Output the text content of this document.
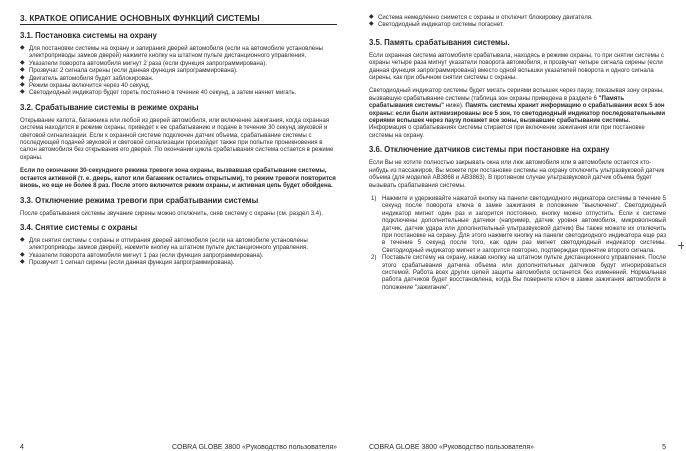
3. КРАТКОЕ ОПИСАНИЕ ОСНОВНЫХ ФУНКЦИЙ СИСТЕМЫ
3.1. Постановка системы на охрану
◆ Для постановки системы на охрану и запирания дверей автомобиля (если на автомобиле установлены электроприводы замков дверей) нажмите кнопку на штатном пульте дистанционного управления.
◆ Указатели поворота автомобиля мигнут 2 раза (если функция запрограммирована).
◆ Прозвучат 2 сигнала сирены (если данная функция запрограммирована).
◆ Двигатель автомобиля будет заблокирован.
◆ Режим охраны включится через 40 секунд.
◆ Светодиодный индикатор будет гореть постоянно в течение 40 секунд, а затем начнет мигать.
3.2. Срабатывание системы в режиме охраны

Открывание капота, багажника или любой из дверей автомобиля, или включение зажигания, когда охранная система находится в режиме охраны, приведет к ее срабатыванию и подаче в течение 30 секунд звуковой и световой сигнализации. Если к охранной системе подключен датчик объема, срабатывание системы с последующей подачей звуковой и световой сигнализации произойдет также при попытке проникновения в салон автомобиля без открывания его дверей. По окончании цикла срабатывания система остается в режиме охраны.

Если по окончании 30-секундного режима тревоги зона охраны, вызвавшая срабатывание системы, остается активной (т. е. дверь, капот или багажник остались открытыми), то режим тревоги повторится вновь, но еще не более 8 раз. После этого включится режим охраны, и активная цепь будет обойдена.

3.3. Отключение режима тревоги при срабатывании системы

После срабатывания системы звучание сирены можно отключить, сняв систему с охраны (см. раздел 3.4).

3.4. Снятие системы с охраны
◆ Для снятия системы с охраны и отпирания дверей автомобиля (если на автомобиле установлены электроприводы замков дверей), нажмите кнопку на штатном пульте дистанционного управления.
◆ Указатели поворота автомобиля мигнут 1 раз (если функция запрограммирована).
◆ Прозвучит 1 сигнал сирены (если данная функция запрограммирована).
4	COBRA GLOBE 3800 «Руководство пользователя»
◆ Система немедленно снимется с охраны и отключит блокировку двигателя.
◆ Светодиодный индикатор системы погаснет.
3.5. Память срабатывания системы.

Если охранная система автомобиля срабатывала, находясь в режиме охраны, то при снятии системы с охраны четыре раза мигнут указатели поворота автомобиля, и прозвучат четыре сигнала сирены (если данная функция запрограммирована) вместо одной вспышки указателей поворота и одного сигнала сирены, как при обычном снятии системы с охраны.

Светодиодный индикатор системы будет мигать сериями вспышек через паузу, показывая зону охраны, вызвавшую срабатывание системы (таблица зон охраны приведена в разделе 6 "Память срабатывания системы" ниже). Память системы хранит информацию о срабатывании всех 5 зон охраны: если были активизированы все 5 зон, то светодиодный индикатор последовательными сериями вспышек через паузу покажет все зоны, вызвавшие срабатывание системы. Информация о срабатываниях системы стирается при включении зажигания или при постановке системы на охрану.

3.6. Отключение датчиков системы при постановке на охрану

Если Вы не хотите полностью закрывать окна или люк автомобиля или в автомобиле остается кто-нибудь из пассажиров, Вы можете при постановке системы на охрану отключить ультразвуковой датчик объема (для моделей AB3868 и AB3863). В противном случае ультразвуковой датчик объема будет вызывать срабатывания системы.

1) Нажмите и удерживайте нажатой кнопку на панели светодиодного индикатора системы в течение 5 секунд после поворота ключа в замке зажигания в положение "выключено". Светодиодный индикатор мигнет один раз и загорится постоянно, кнопку можно отпустить. Если к системе подключены дополнительные датчики (например, датчик уровня автомобиля, микроволновый датчик, датчик удара или дополнительный ультразвуковой датчик) Вы также можете их отключить при постановке на охрану. Для этого нажмите кнопку на панели светодиодного индикатора еще раз в течение 5 секунд после того, как один раз мигнет светодиодный индикатор системы. Светодиодный индикатор мигнет и загорится повторно, подтверждая принятие второго сигнала.
2) Поставьте систему на охрану, нажав кнопку на штатном пульте дистанционного управления. После этого срабатывания датчика объема или дополнительных датчиков будут игнорироваться системой. Работа всех других цепей защиты автомобиля останется без изменений. Нормальная работа датчиков будет восстановлена, когда Вы повернете ключ в замке зажигания автомобиля в положение "зажигание".
COBRA GLOBE 3800 «Руководство пользователя»	5
